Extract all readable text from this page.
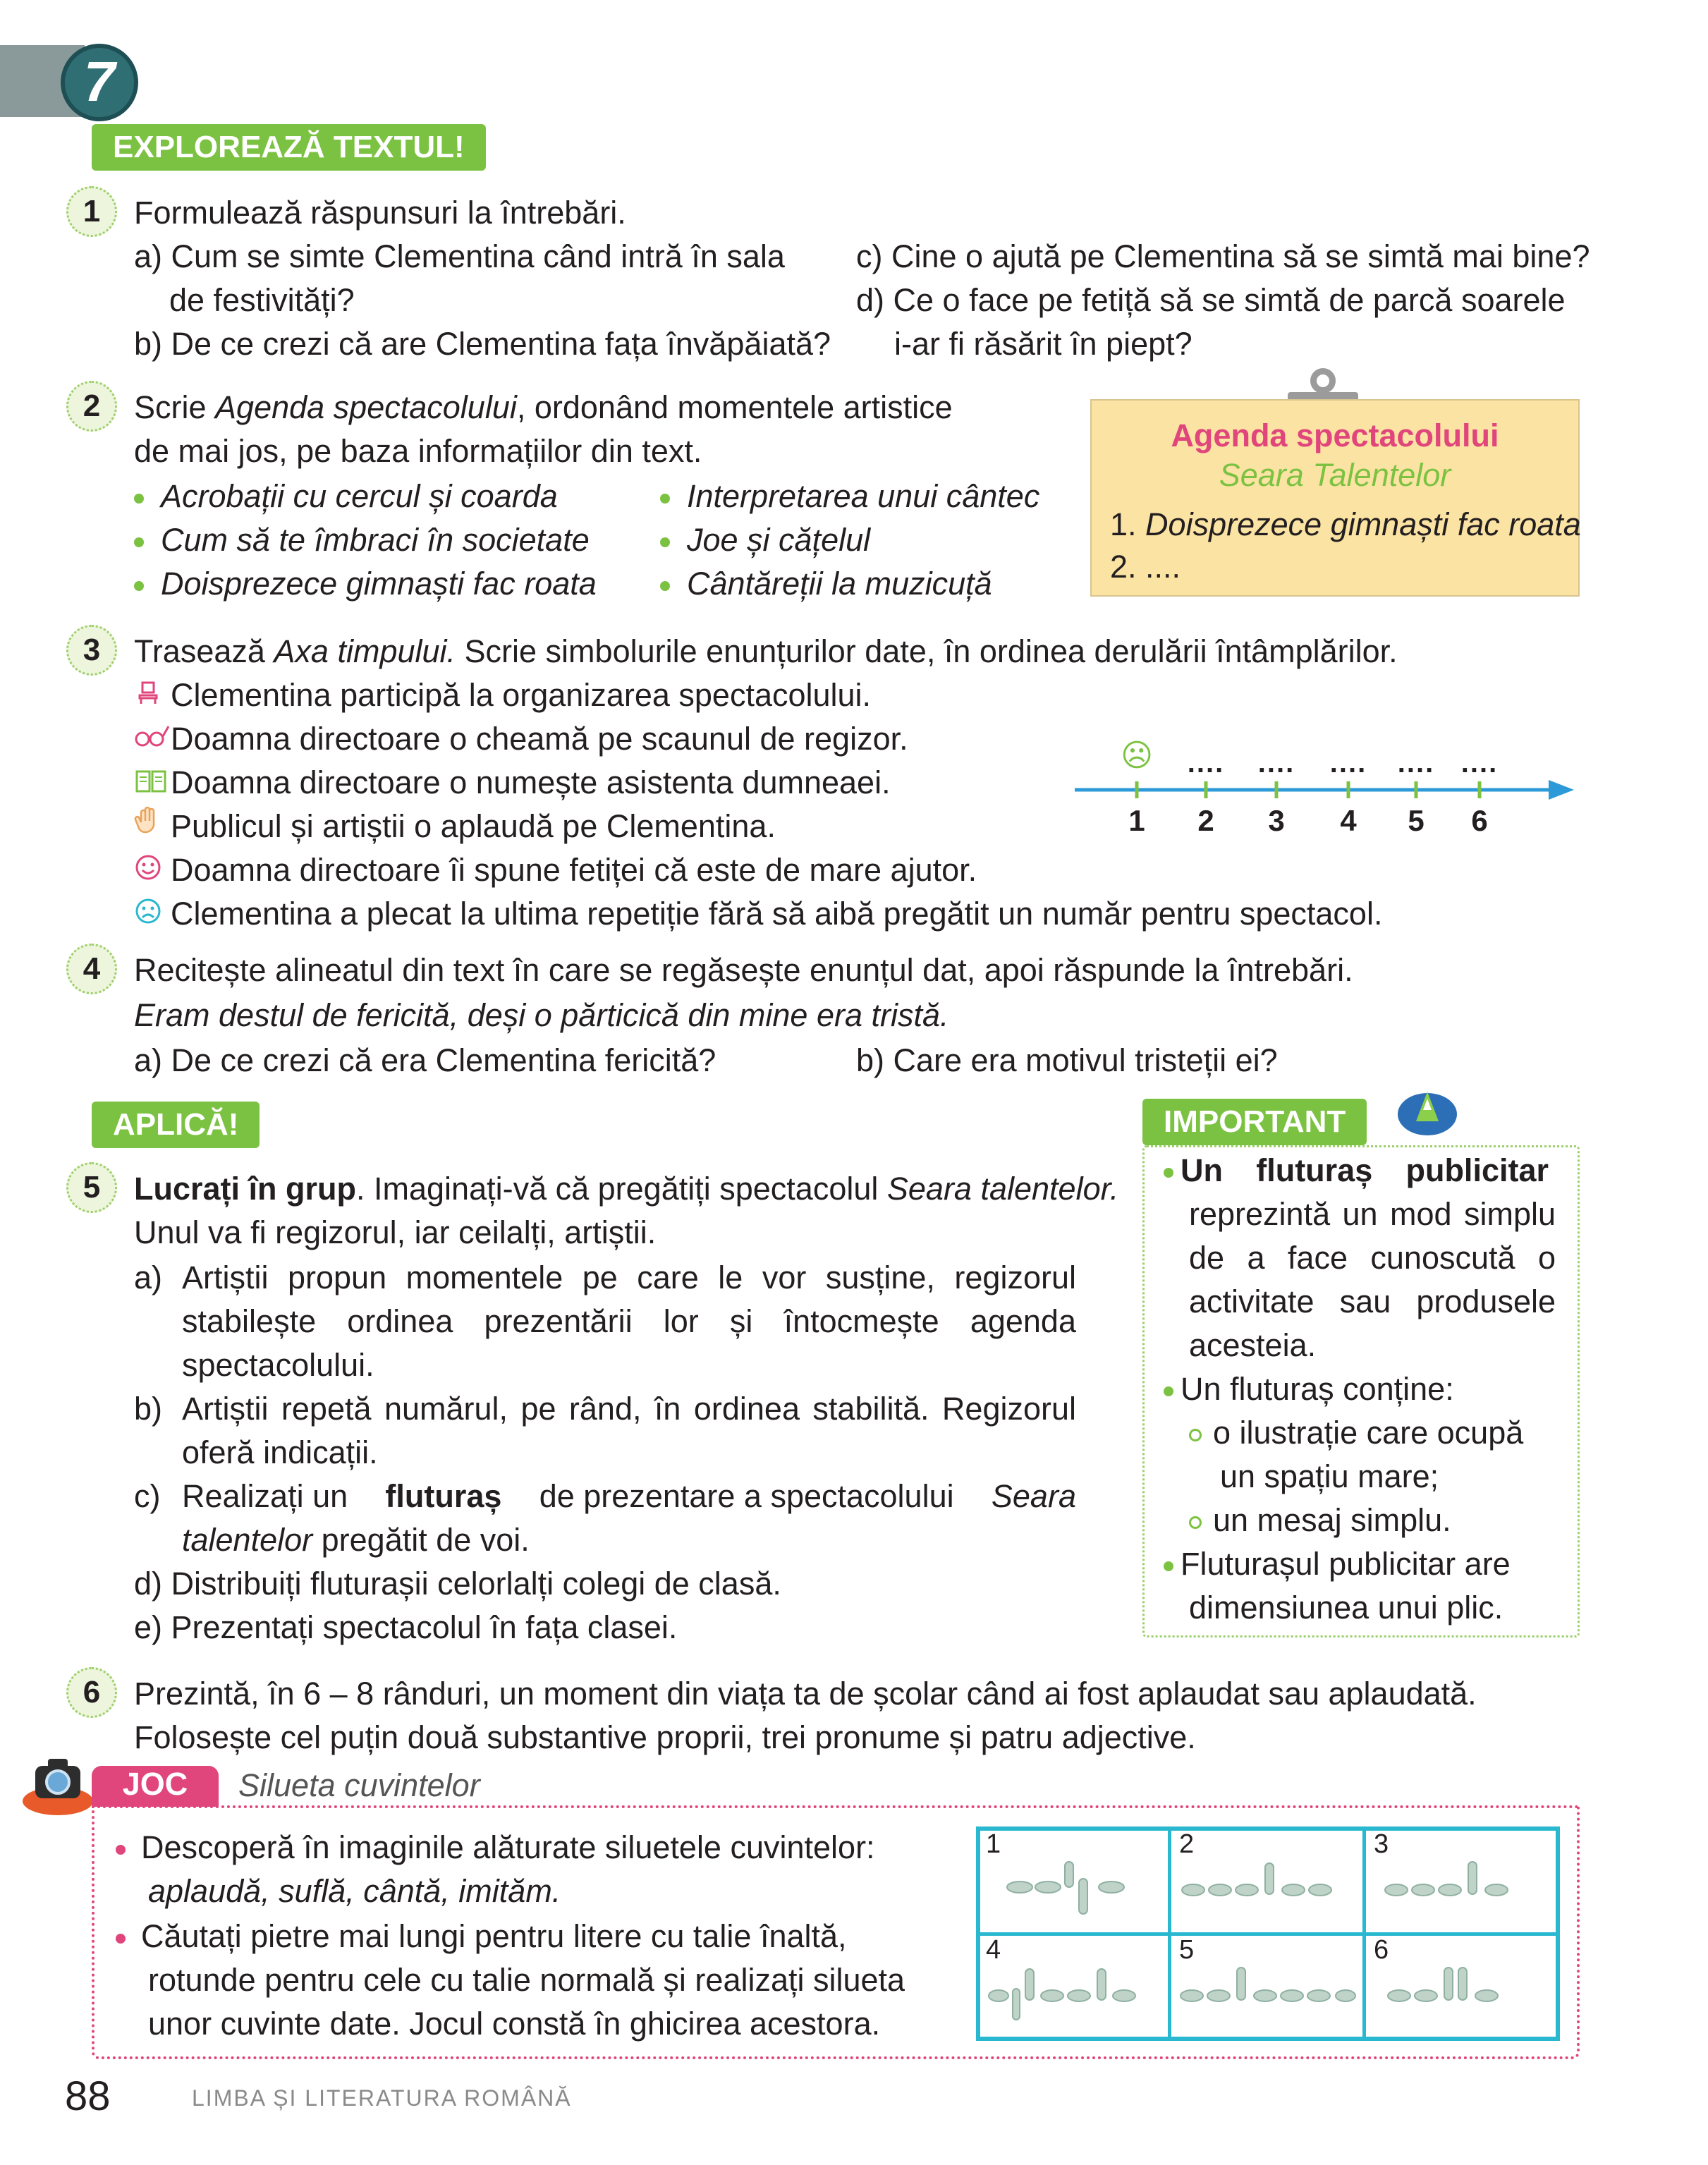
7
EXPLOREAZĂ TEXTUL!
1	Formulează răspunsuri la întrebări.
a) Cum se simte Clementina când intră în sala
de festivități?
b) De ce crezi că are Clementina fața învăpăiată?
c) Cine o ajută pe Clementina să se simtă mai bine?
d) Ce o face pe fetiță să se simtă de parcă soarele
i-ar fi răsărit în piept?
2	Scrie Agenda spectacolului, ordonând momentele artistice
de mai jos, pe baza informațiilor din text.
Acrobații cu cercul și coarda
Cum să te îmbraci în societate
Doisprezece gimnaști fac roata
Interpretarea unui cântec
Joe și cățelul
Cântăreții la muzicuță
Agenda spectacolului
Seara Talentelor
1. Doisprezece gimnaști fac roata
2. ....
3	Trasează Axa timpului. Scrie simbolurile enunțurilor date, în ordinea derulării întâmplărilor.
Clementina participă la organizarea spectacolului.
Doamna directoare o cheamă pe scaunul de regizor.
Doamna directoare o numește asistenta dumneaei.
Publicul și artiștii o aplaudă pe Clementina.
Doamna directoare îi spune fetiței că este de mare ajutor.
Clementina a plecat la ultima repetiție fără să aibă pregătit un număr pentru spectacol.
☹ .... .... .... .... ....
1	2	3	4	5	6
4	Recitește alineatul din text în care se regăsește enunțul dat, apoi răspunde la întrebări.
Eram destul de fericită, deși o părticică din mine era tristă.
a) De ce crezi că era Clementina fericită?	b) Care era motivul tristeții ei?
APLICĂ!
5	Lucrați în grup. Imaginați-vă că pregătiți spectacolul Seara talentelor.
Unul va fi regizorul, iar ceilalți, artiștii.
a) Artiștii propun momentele pe care le vor susține, regizorul
stabilește ordinea prezentării lor și întocmește agenda
spectacolului.
b) Artiștii repetă numărul, pe rând, în ordinea stabilită. Regizorul
oferă indicații.
c) Realizați un fluturaș de prezentare a spectacolului Seara
talentelor pregătit de voi.
d) Distribuiți fluturașii celorlalți colegi de clasă.
e) Prezentați spectacolul în fața clasei.
IMPORTANT
Un fluturaș publicitar
reprezintă un mod simplu
de a face cunoscută o
activitate sau produsele
acesteia.
Un fluturaș conține:
o ilustrație care ocupă
un spațiu mare;
un mesaj simplu.
Fluturașul publicitar are
dimensiunea unui plic.
6	Prezintă, în 6 – 8 rânduri, un moment din viața ta de școlar când ai fost aplaudat sau aplaudată.
Folosește cel puțin două substantive proprii, trei pronume și patru adjective.
JOC	Silueta cuvintelor
Descoperă în imaginile alăturate siluetele cuvintelor:
aplaudă, suflă, cântă, imităm.
Căutați pietre mai lungi pentru litere cu talie înaltă,
rotunde pentru cele cu talie normală și realizați silueta
unor cuvinte date. Jocul constă în ghicirea acestora.
1	2	3
4	5	6
88	LIMBA ȘI LITERATURA ROMÂNĂ
